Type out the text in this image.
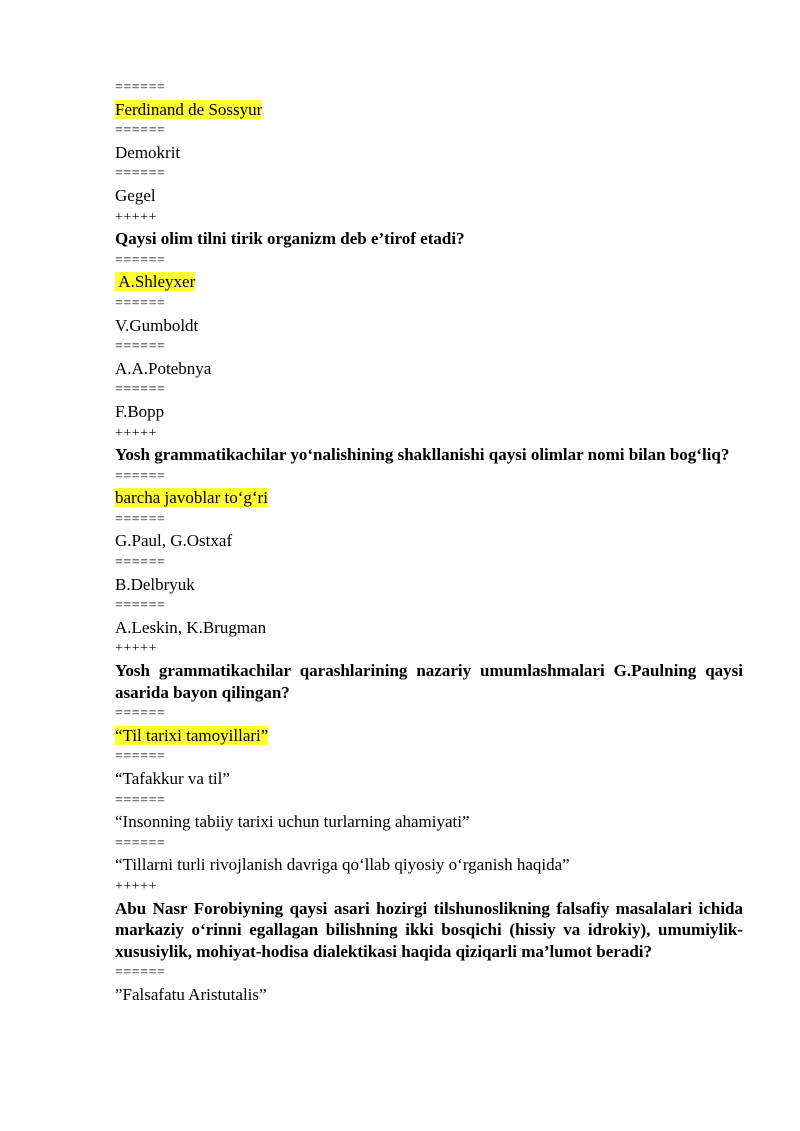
======
Ferdinand de Sossyur
======
Demokrit
======
Gegel
+++++
Qaysi olim tilni tirik organizm deb e’tirof etadi?
======
A.Shleyxer
======
V.Gumboldt
======
A.A.Potebnya
======
F.Bopp
+++++
Yosh grammatikachilar yo‘nalishining shakllanishi qaysi olimlar nomi bilan bog‘liq?
======
barcha javoblar to‘g‘ri
======
G.Paul, G.Ostxaf
======
B.Delbryuk
======
A.Leskin, K.Brugman
+++++
Yosh grammatikachilar qarashlarining nazariy umumlashmalari G.Paulning qaysi asarida bayon qilingan?
======
“Til tarixi tamoyillari”
======
“Tafakkur va til”
======
“Insonning tabiiy tarixi uchun turlarning ahamiyati”
======
“Tillarni turli rivojlanish davriga qo‘llab qiyosiy o‘rganish haqida”
+++++
Abu Nasr Forobiyning qaysi asari hozirgi tilshunoslikning falsafiy masalalari ichida markaziy o‘rinni egallagan bilishning ikki bosqichi (hissiy va idrokiy), umumiylik-xususiylik, mohiyat-hodisa dialektikasi haqida qiziqarli ma’lumot beradi?
======
”Falsafatu Aristutalis”
